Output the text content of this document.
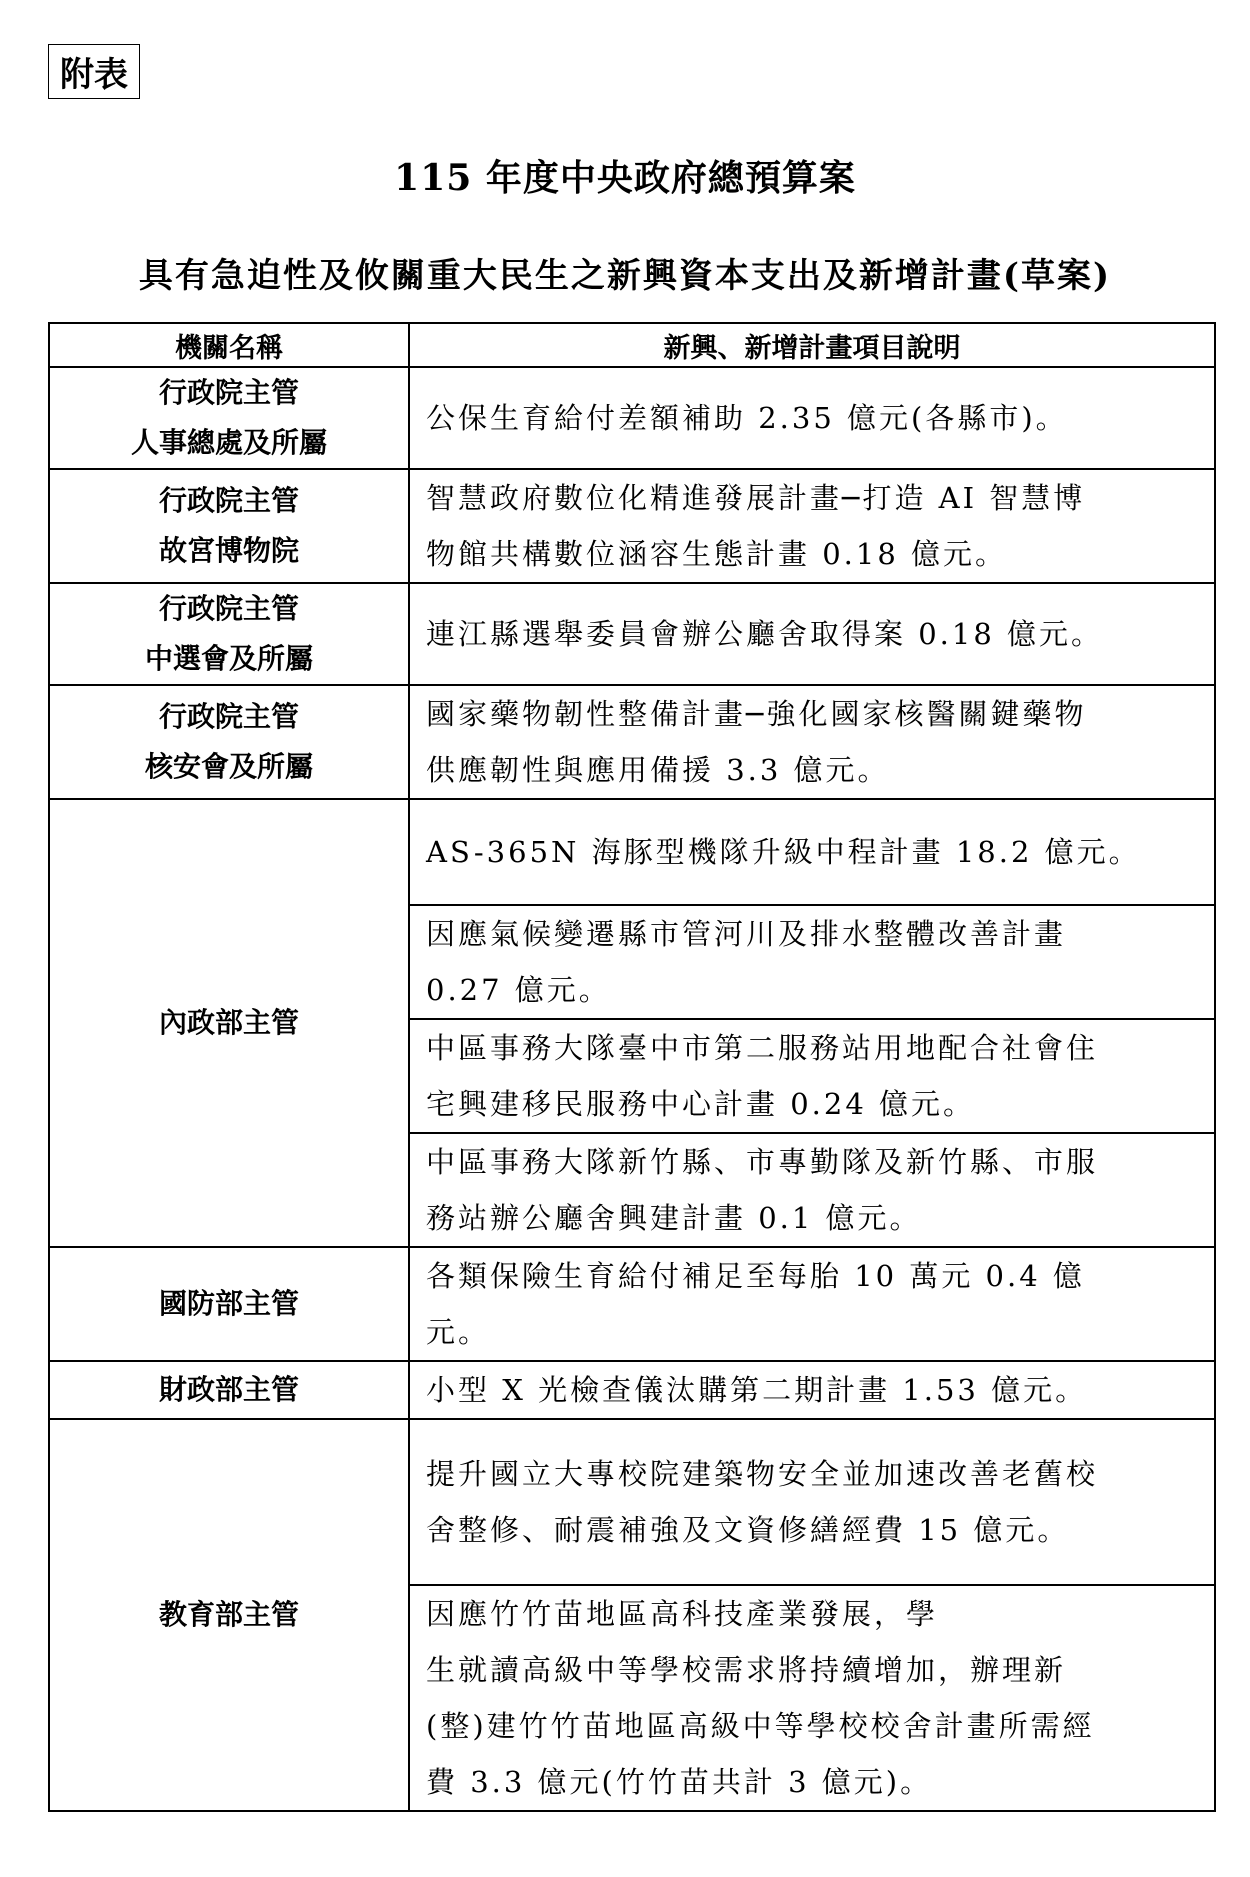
附表
115 年度中央政府總預算案
具有急迫性及攸關重大民生之新興資本支出及新增計畫(草案)
機關名稱	新興、新增計畫項目說明

行政院主管
人事總處及所屬	公保生育給付差額補助 2.35 億元(各縣市)。

行政院主管
故宮博物院	智慧政府數位化精進發展計畫─打造 AI 智慧博
物館共構數位涵容生態計畫 0.18 億元。

行政院主管
中選會及所屬	連江縣選舉委員會辦公廳舍取得案 0.18 億元。

行政院主管
核安會及所屬	國家藥物韌性整備計畫─強化國家核醫關鍵藥物
供應韌性與應用備援 3.3 億元。

內政部主管	AS-365N 海豚型機隊升級中程計畫 18.2 億元。

	因應氣候變遷縣市管河川及排水整體改善計畫
0.27 億元。

	中區事務大隊臺中市第二服務站用地配合社會住
宅興建移民服務中心計畫 0.24 億元。

	中區事務大隊新竹縣、市專勤隊及新竹縣、市服
務站辦公廳舍興建計畫 0.1 億元。

國防部主管	各類保險生育給付補足至每胎 10 萬元 0.4 億
元。

財政部主管	小型 X 光檢查儀汰購第二期計畫 1.53 億元。

教育部主管	提升國立大專校院建築物安全並加速改善老舊校
舍整修、耐震補強及文資修繕經費 15 億元。

	因應竹竹苗地區高科技產業發展，學
生就讀高級中等學校需求將持續增加，辦理新
(整)建竹竹苗地區高級中等學校校舍計畫所需經
費 3.3 億元(竹竹苗共計 3 億元)。
